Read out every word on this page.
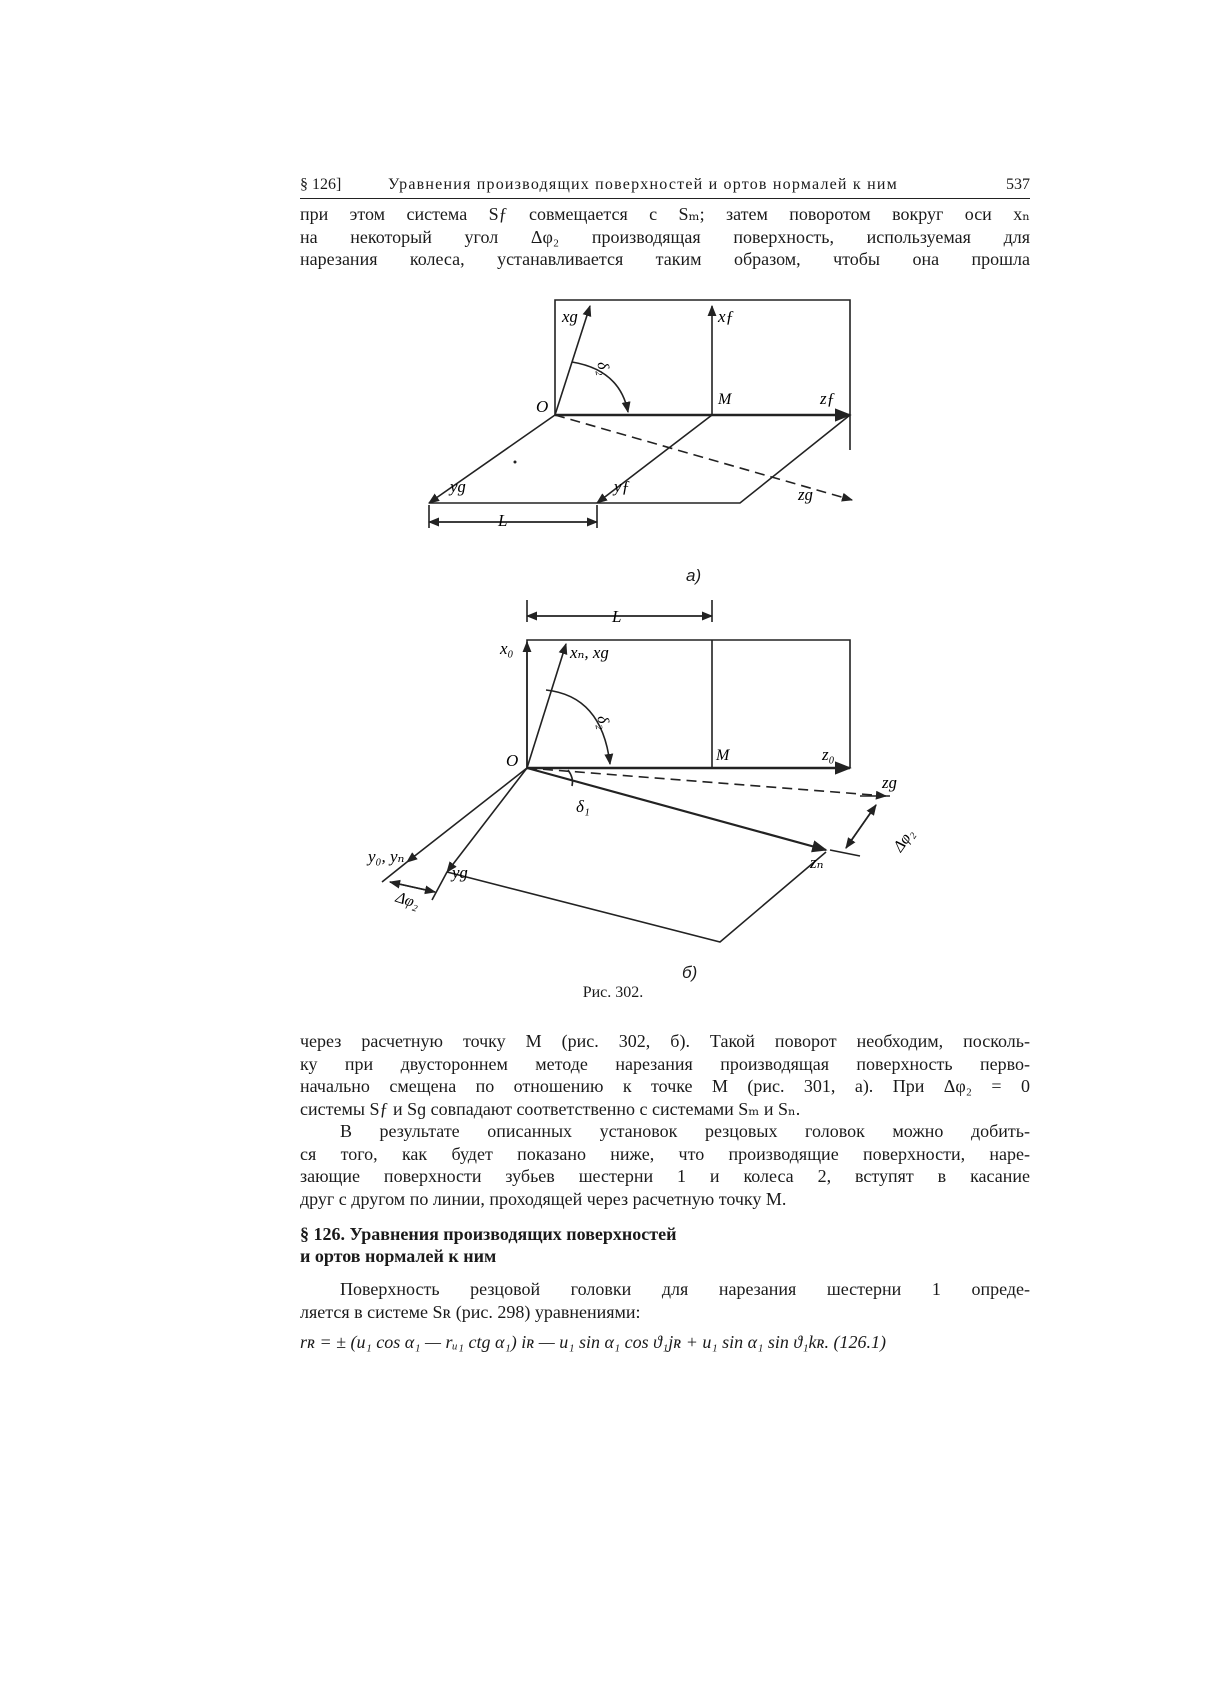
§ 126]	Уравнения производящих поверхностей и ортов нормалей к ним	537

при этом система Sƒ совмещается с Sₘ; затем поворотом вокруг оси xₙ
на некоторый угол Δφ₂ производящая поверхность, используемая для
нарезания колеса, устанавливается таким образом, чтобы она прошла

xɡ	xƒ
O	M	zƒ
yɡ	yƒ	zɡ
δ₂
L
а)
L
x₀	xₙ, xɡ
O	M	z₀
zɡ
δ₁
δ₂
zₙ
y₀, yₙ
yɡ
Δφ₂
Δφ₂
б)
Рис. 302.

через расчетную точку M (рис. 302, б). Такой поворот необходим, посколь-
ку при двустороннем методе нарезания производящая поверхность перво-
начально смещена по отношению к точке M (рис. 301, а). При Δφ₂ = 0
системы Sƒ и Sɡ совпадают соответственно с системами Sₘ и Sₙ.

В результате описанных установок резцовых головок можно добить-
ся того, как будет показано ниже, что производящие поверхности, наре-
зающие поверхности зубьев шестерни 1 и колеса 2, вступят в касание
друг с другом по линии, проходящей через расчетную точку M.

§ 126. Уравнения производящих поверхностей
и ортов нормалей к ним

Поверхность резцовой головки для нарезания шестерни 1 опреде-
ляется в системе Sʀ (рис. 298) уравнениями:

rʀ = ± (u₁ cos α₁ — rᵤ₁ ctg α₁) iʀ — u₁ sin α₁ cos ϑ₁jʀ + u₁ sin α₁ sin ϑ₁kʀ. (126.1)
